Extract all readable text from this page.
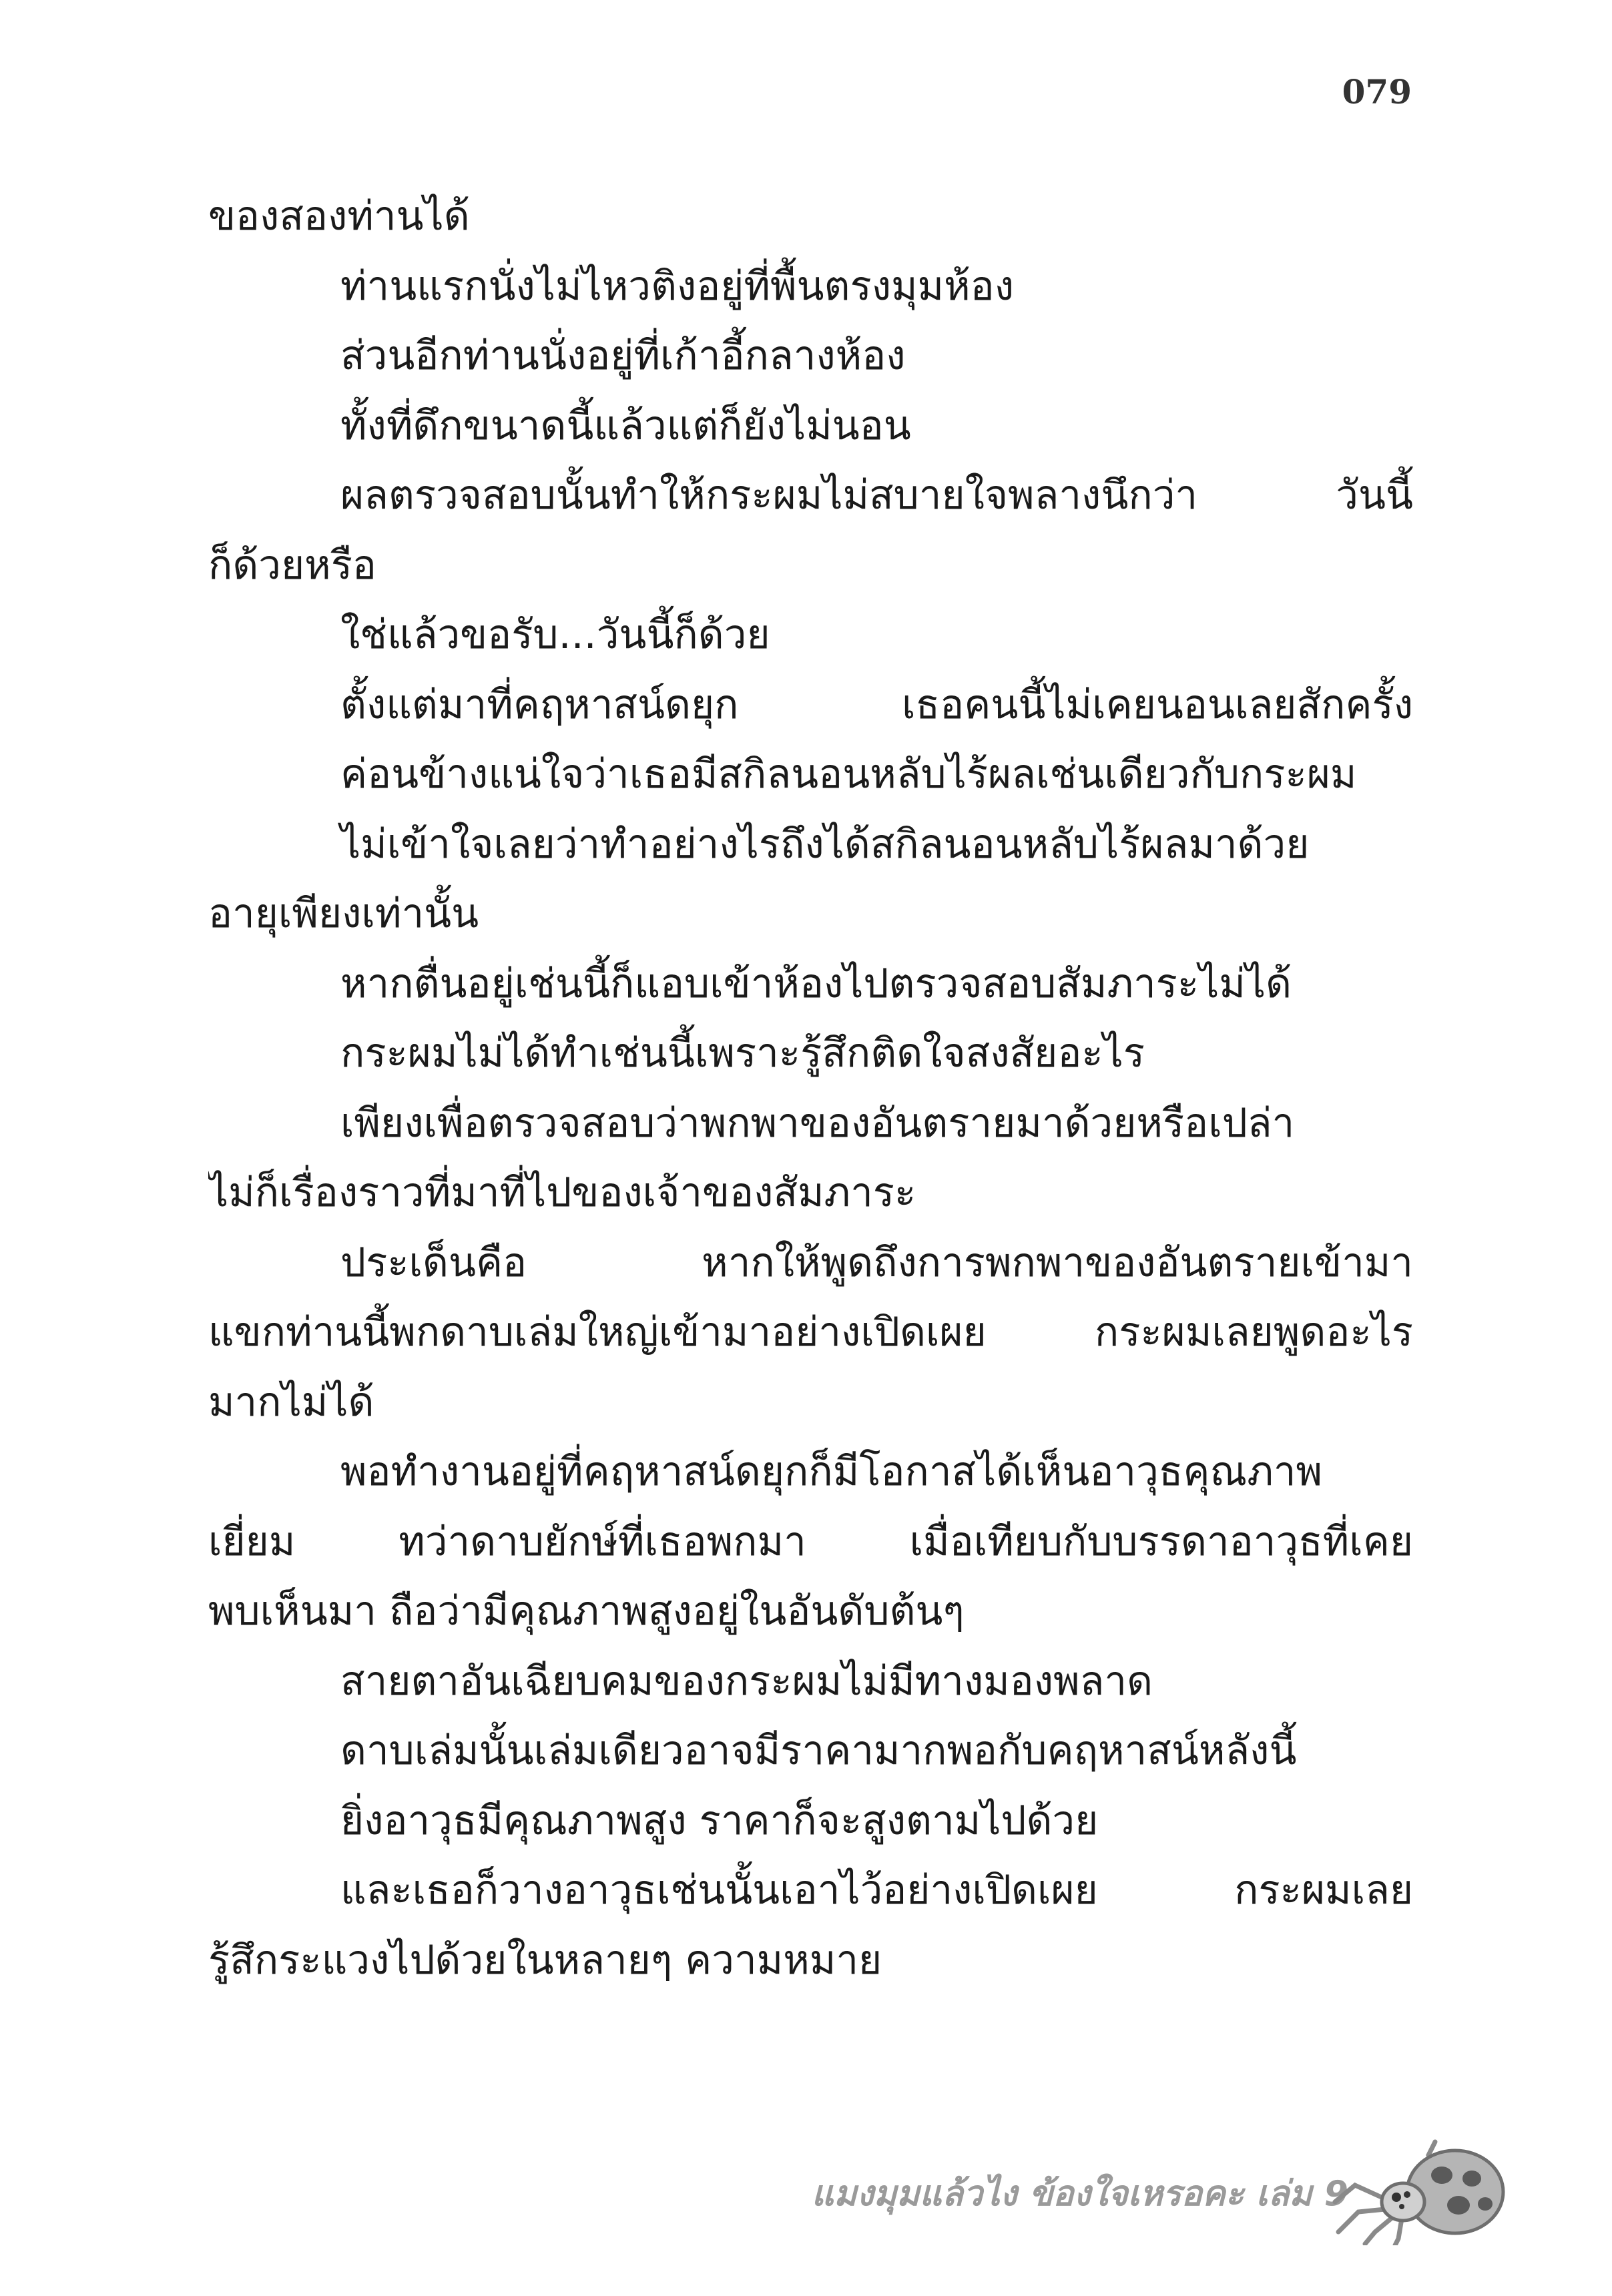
079
ของสองท่านได้
ท่านแรกนั่งไม่ไหวติงอยู่ที่พื้นตรงมุมห้อง
ส่วนอีกท่านนั่งอยู่ที่เก้าอี้กลางห้อง
ทั้งที่ดึกขนาดนี้แล้วแต่ก็ยังไม่นอน
ผลตรวจสอบนั้นทำให้กระผมไม่สบายใจพลางนึกว่า วันนี้
ก็ด้วยหรือ
ใช่แล้วขอรับ...วันนี้ก็ด้วย
ตั้งแต่มาที่คฤหาสน์ดยุก เธอคนนี้ไม่เคยนอนเลยสักครั้ง
ค่อนข้างแน่ใจว่าเธอมีสกิลนอนหลับไร้ผลเช่นเดียวกับกระผม
ไม่เข้าใจเลยว่าทำอย่างไรถึงได้สกิลนอนหลับไร้ผลมาด้วย
อายุเพียงเท่านั้น
หากตื่นอยู่เช่นนี้ก็แอบเข้าห้องไปตรวจสอบสัมภาระไม่ได้
กระผมไม่ได้ทำเช่นนี้เพราะรู้สึกติดใจสงสัยอะไร
เพียงเพื่อตรวจสอบว่าพกพาของอันตรายมาด้วยหรือเปล่า
ไม่ก็เรื่องราวที่มาที่ไปของเจ้าของสัมภาระ
ประเด็นคือ หากให้พูดถึงการพกพาของอันตรายเข้ามา
แขกท่านนี้พกดาบเล่มใหญ่เข้ามาอย่างเปิดเผย กระผมเลยพูดอะไร
มากไม่ได้
พอทำงานอยู่ที่คฤหาสน์ดยุกก็มีโอกาสได้เห็นอาวุธคุณภาพ
เยี่ยม ทว่าดาบยักษ์ที่เธอพกมา เมื่อเทียบกับบรรดาอาวุธที่เคย
พบเห็นมา ถือว่ามีคุณภาพสูงอยู่ในอันดับต้นๆ
สายตาอันเฉียบคมของกระผมไม่มีทางมองพลาด
ดาบเล่มนั้นเล่มเดียวอาจมีราคามากพอกับคฤหาสน์หลังนี้
ยิ่งอาวุธมีคุณภาพสูง ราคาก็จะสูงตามไปด้วย
และเธอก็วางอาวุธเช่นนั้นเอาไว้อย่างเปิดเผย กระผมเลย
รู้สึกระแวงไปด้วยในหลายๆ ความหมาย
แมงมุมแล้วไง ข้องใจเหรอคะ เล่ม 9
